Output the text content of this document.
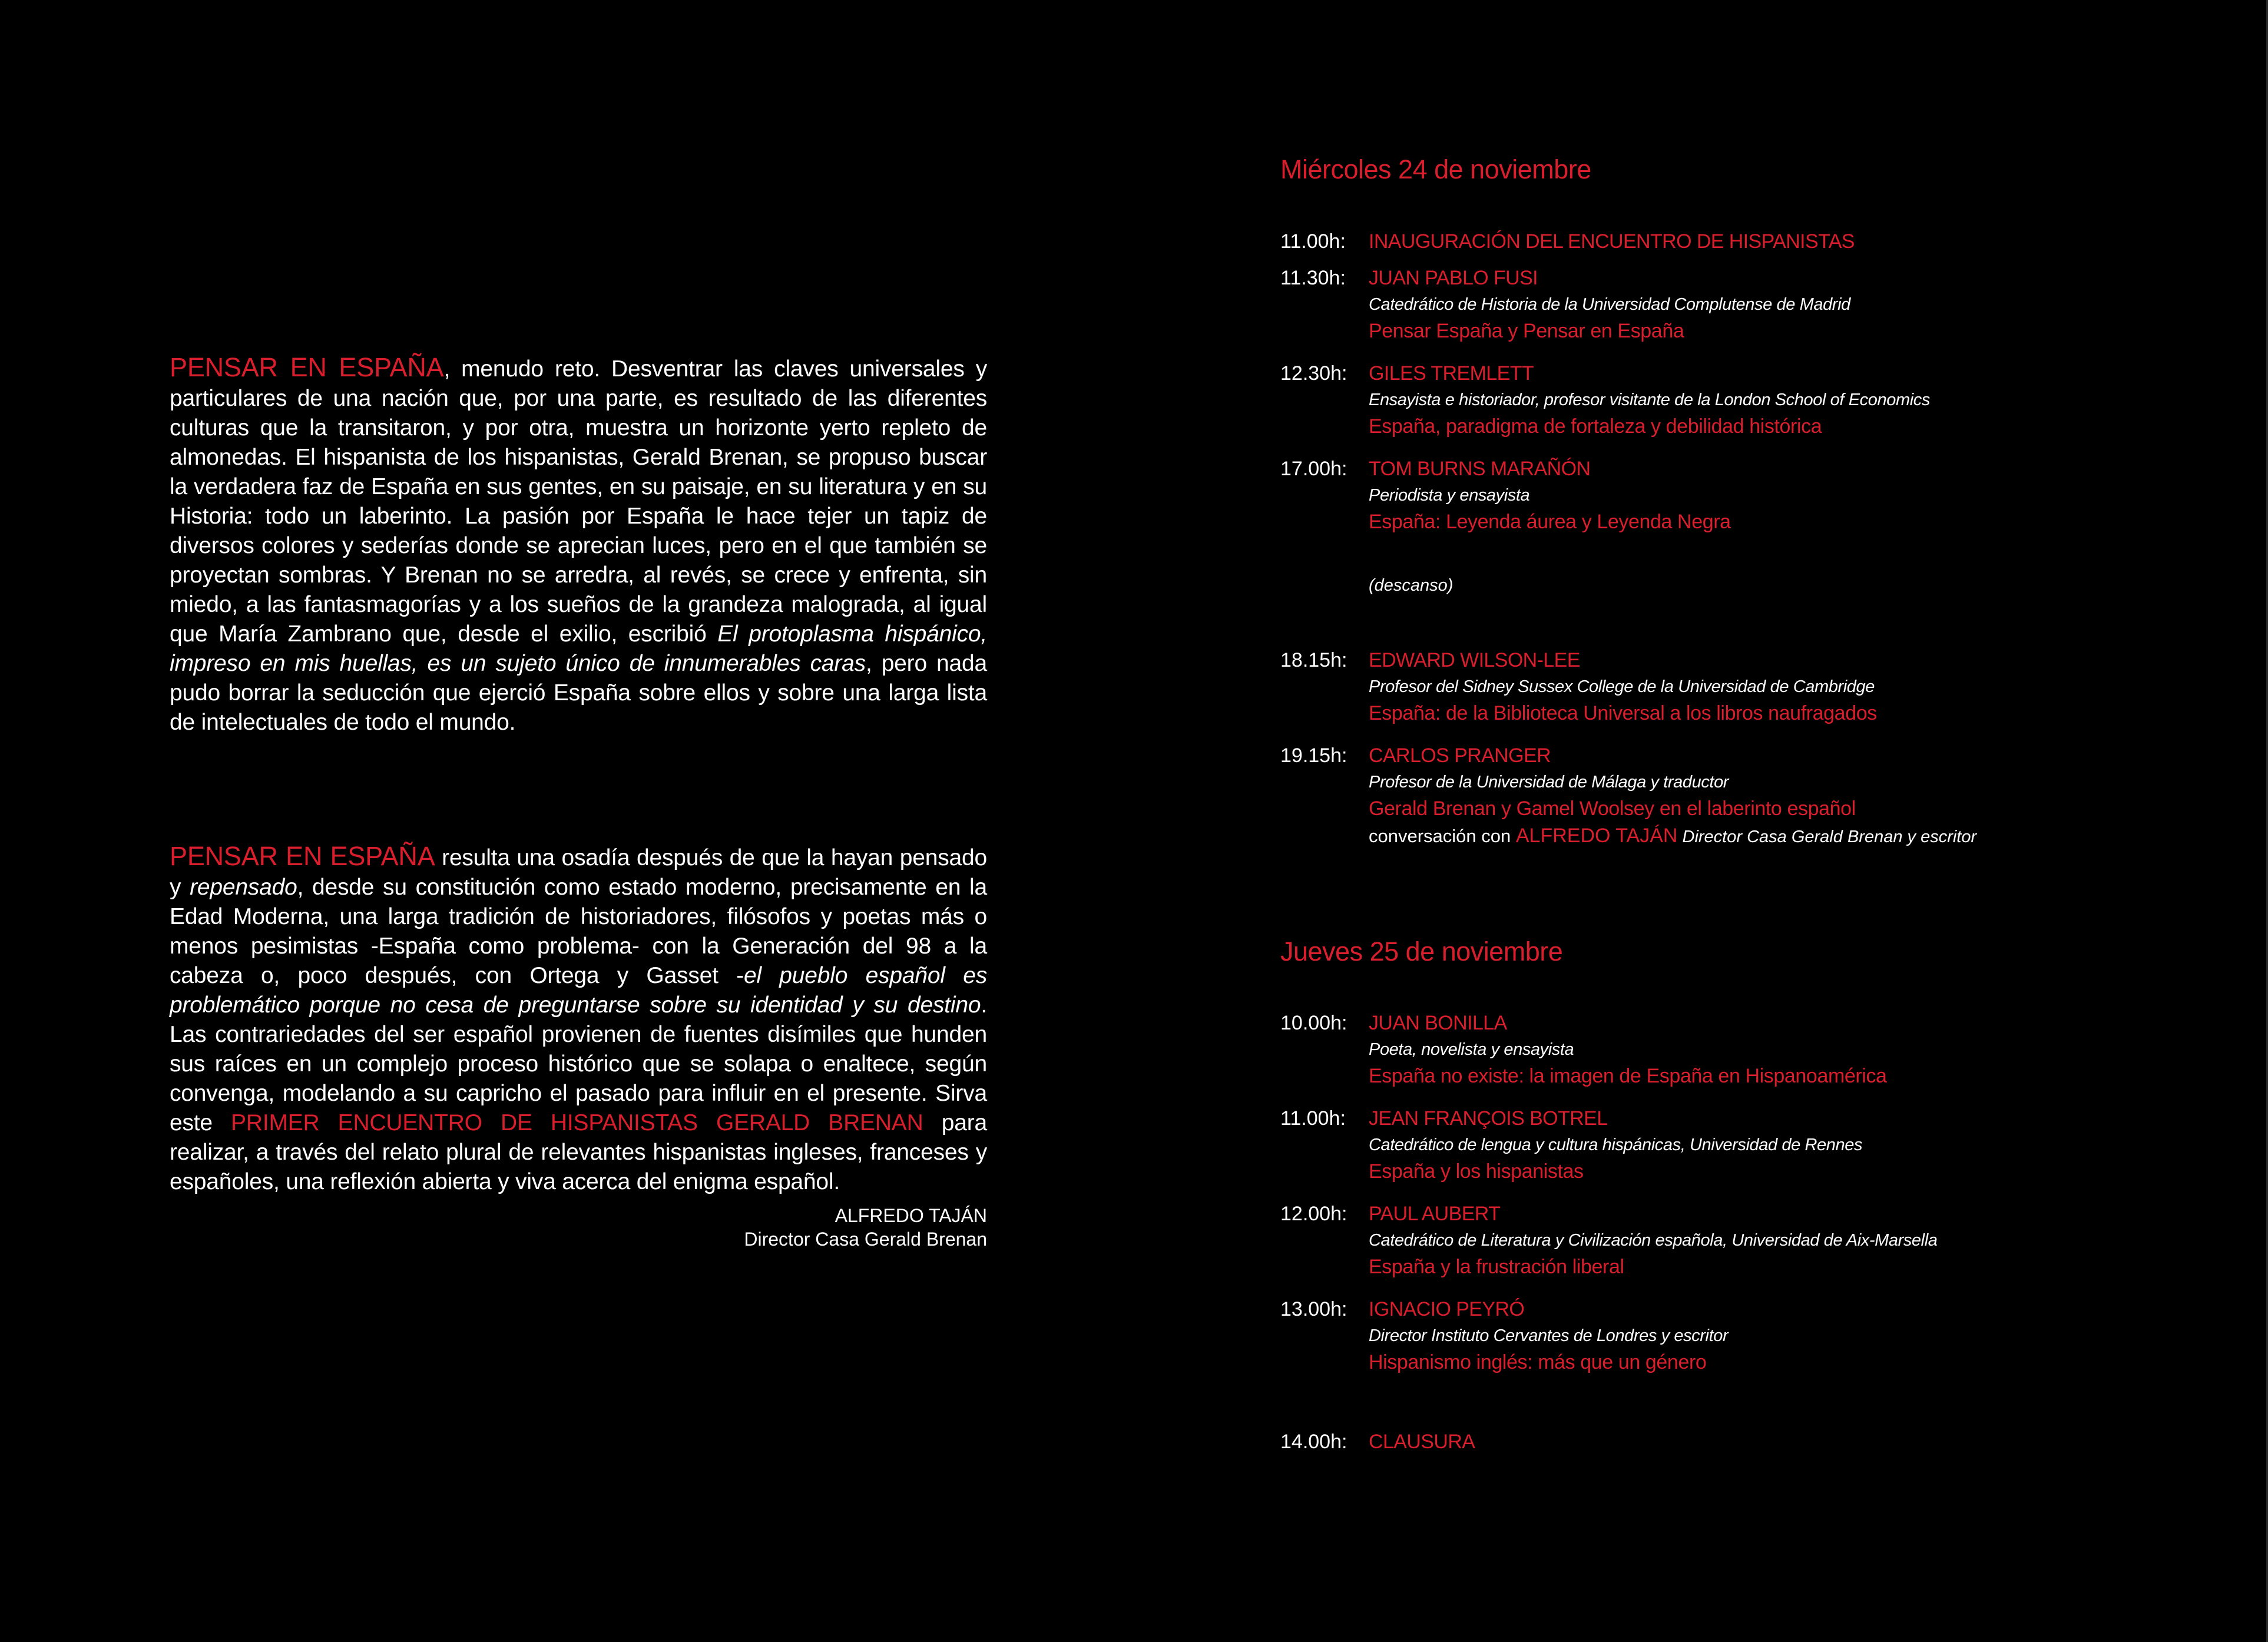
PENSAR EN ESPAÑA, menudo reto. Desventrar las claves universales y particulares de una nación que, por una parte, es resultado de las diferentes culturas que la transitaron, y por otra, muestra un horizonte yerto repleto de almonedas. El hispanista de los hispanistas, Gerald Brenan, se propuso buscar la verdadera faz de España en sus gentes, en su paisaje, en su literatura y en su Historia: todo un laberinto. La pasión por España le hace tejer un tapiz de diversos colores y sederías donde se aprecian luces, pero en el que también se proyectan sombras. Y Brenan no se arredra, al revés, se crece y enfrenta, sin miedo, a las fantasmagorías y a los sueños de la grandeza malograda, al igual que María Zambrano que, desde el exilio, escribió El protoplasma hispánico, impreso en mis huellas, es un sujeto único de innumerables caras, pero nada pudo borrar la seducción que ejerció España sobre ellos y sobre una larga lista de intelectuales de todo el mundo.

PENSAR EN ESPAÑA resulta una osadía después de que la hayan pensado y repensado, desde su constitución como estado moderno, precisamente en la Edad Moderna, una larga tradición de historiadores, filósofos y poetas más o menos pesimistas -España como problema- con la Generación del 98 a la cabeza o, poco después, con Ortega y Gasset -el pueblo español es problemático porque no cesa de preguntarse sobre su identidad y su destino. Las contrariedades del ser español provienen de fuentes disímiles que hunden sus raíces en un complejo proceso histórico que se solapa o enaltece, según convenga, modelando a su capricho el pasado para influir en el presente. Sirva este PRIMER ENCUENTRO DE HISPANISTAS GERALD BRENAN para realizar, a través del relato plural de relevantes hispanistas ingleses, franceses y españoles, una reflexión abierta y viva acerca del enigma español.

ALFREDO TAJÁN
Director Casa Gerald Brenan
Miércoles 24 de noviembre
11.00h:	INAUGURACIÓN DEL ENCUENTRO DE HISPANISTAS
11.30h:	JUAN PABLO FUSI
Catedrático de Historia de la Universidad Complutense de Madrid
Pensar España y Pensar en España
12.30h:	GILES TREMLETT
Ensayista e historiador, profesor visitante de la London School of Economics
España, paradigma de fortaleza y debilidad histórica
17.00h:	TOM BURNS MARAÑÓN
Periodista y ensayista
España: Leyenda áurea y Leyenda Negra
(descanso)
18.15h:	EDWARD WILSON-LEE
Profesor del Sidney Sussex College de la Universidad de Cambridge
España: de la Biblioteca Universal a los libros naufragados
19.15h:	CARLOS PRANGER
Profesor de la Universidad de Málaga y traductor
Gerald Brenan y Gamel Woolsey en el laberinto español
conversación con ALFREDO TAJÁN Director Casa Gerald Brenan y escritor
Jueves 25 de noviembre
10.00h:	JUAN BONILLA
Poeta, novelista y ensayista
España no existe: la imagen de España en Hispanoamérica
11.00h:	JEAN FRANÇOIS BOTREL
Catedrático de lengua y cultura hispánicas, Universidad de Rennes
España y los hispanistas
12.00h:	PAUL AUBERT
Catedrático de Literatura y Civilización española, Universidad de Aix-Marsella
España y la frustración liberal
13.00h:	IGNACIO PEYRÓ
Director Instituto Cervantes de Londres y escritor
Hispanismo inglés: más que un género
14.00h:	CLAUSURA
